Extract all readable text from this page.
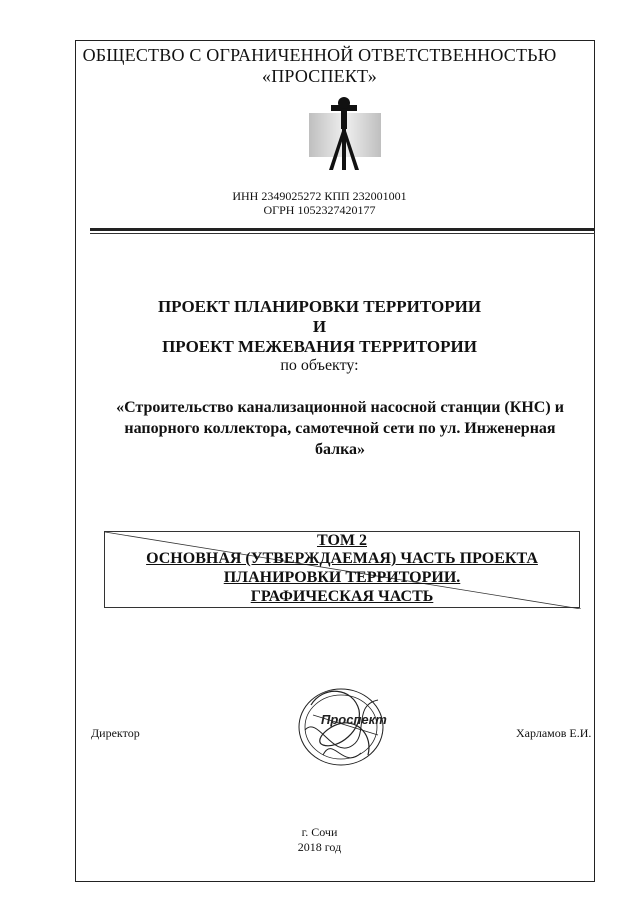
ОБЩЕСТВО С ОГРАНИЧЕННОЙ ОТВЕТСТВЕННОСТЬЮ
«ПРОСПЕКТ»
ИНН 2349025272 КПП 232001001
ОГРН 1052327420177
ПРОЕКТ ПЛАНИРОВКИ ТЕРРИТОРИИ
И
ПРОЕКТ МЕЖЕВАНИЯ ТЕРРИТОРИИ
по объекту:
«Строительство канализационной насосной станции (КНС) и
напорного коллектора, самотечной сети по ул. Инженерная
балка»
ТОМ 2
ОСНОВНАЯ (УТВЕРЖДАЕМАЯ) ЧАСТЬ ПРОЕКТА
ПЛАНИРОВКИ ТЕРРИТОРИИ.
ГРАФИЧЕСКАЯ ЧАСТЬ
Проспект
Директор	Харламов Е.И.
г. Сочи
2018 год
